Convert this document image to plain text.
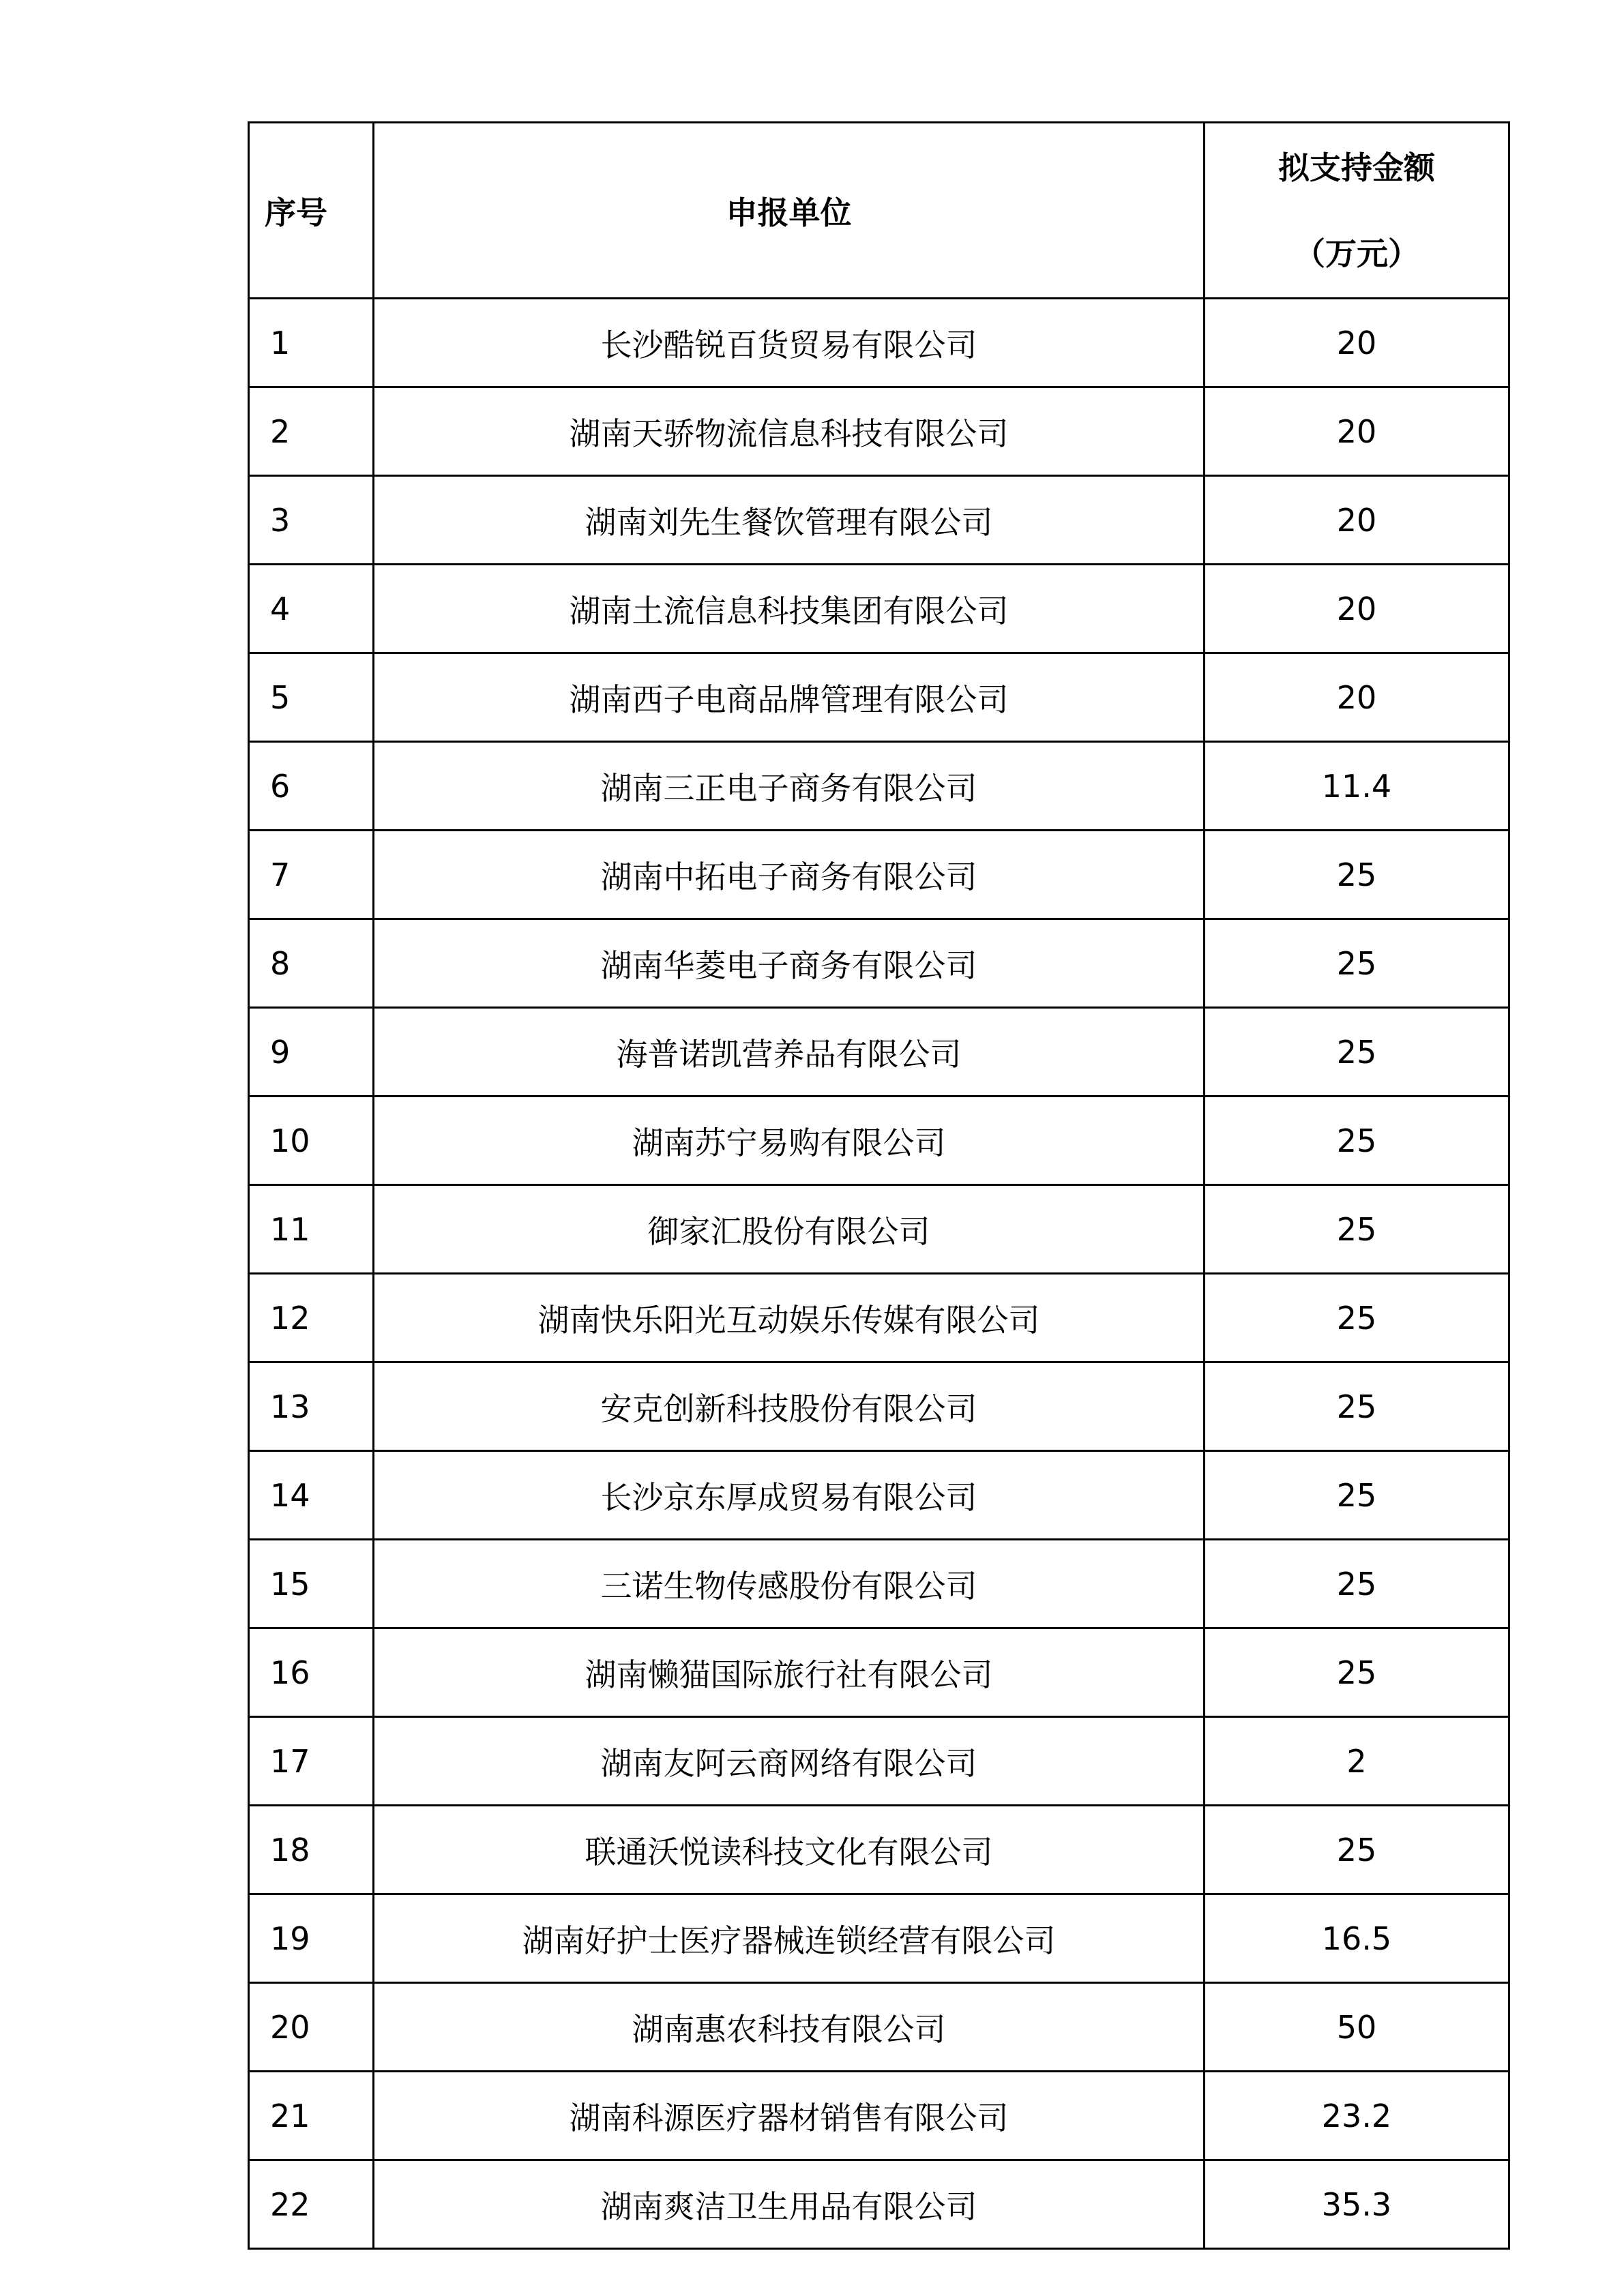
序号	申报单位	拟支持金额
（万元）

1	长沙酷锐百货贸易有限公司	20
2	湖南天骄物流信息科技有限公司	20
3	湖南刘先生餐饮管理有限公司	20
4	湖南土流信息科技集团有限公司	20
5	湖南西子电商品牌管理有限公司	20
6	湖南三正电子商务有限公司	11.4
7	湖南中拓电子商务有限公司	25
8	湖南华菱电子商务有限公司	25
9	海普诺凯营养品有限公司	25
10	湖南苏宁易购有限公司	25
11	御家汇股份有限公司	25
12	湖南快乐阳光互动娱乐传媒有限公司	25
13	安克创新科技股份有限公司	25
14	长沙京东厚成贸易有限公司	25
15	三诺生物传感股份有限公司	25
16	湖南懒猫国际旅行社有限公司	25
17	湖南友阿云商网络有限公司	2
18	联通沃悦读科技文化有限公司	25
19	湖南好护士医疗器械连锁经营有限公司	16.5
20	湖南惠农科技有限公司	50
21	湖南科源医疗器材销售有限公司	23.2
22	湖南爽洁卫生用品有限公司	35.3
